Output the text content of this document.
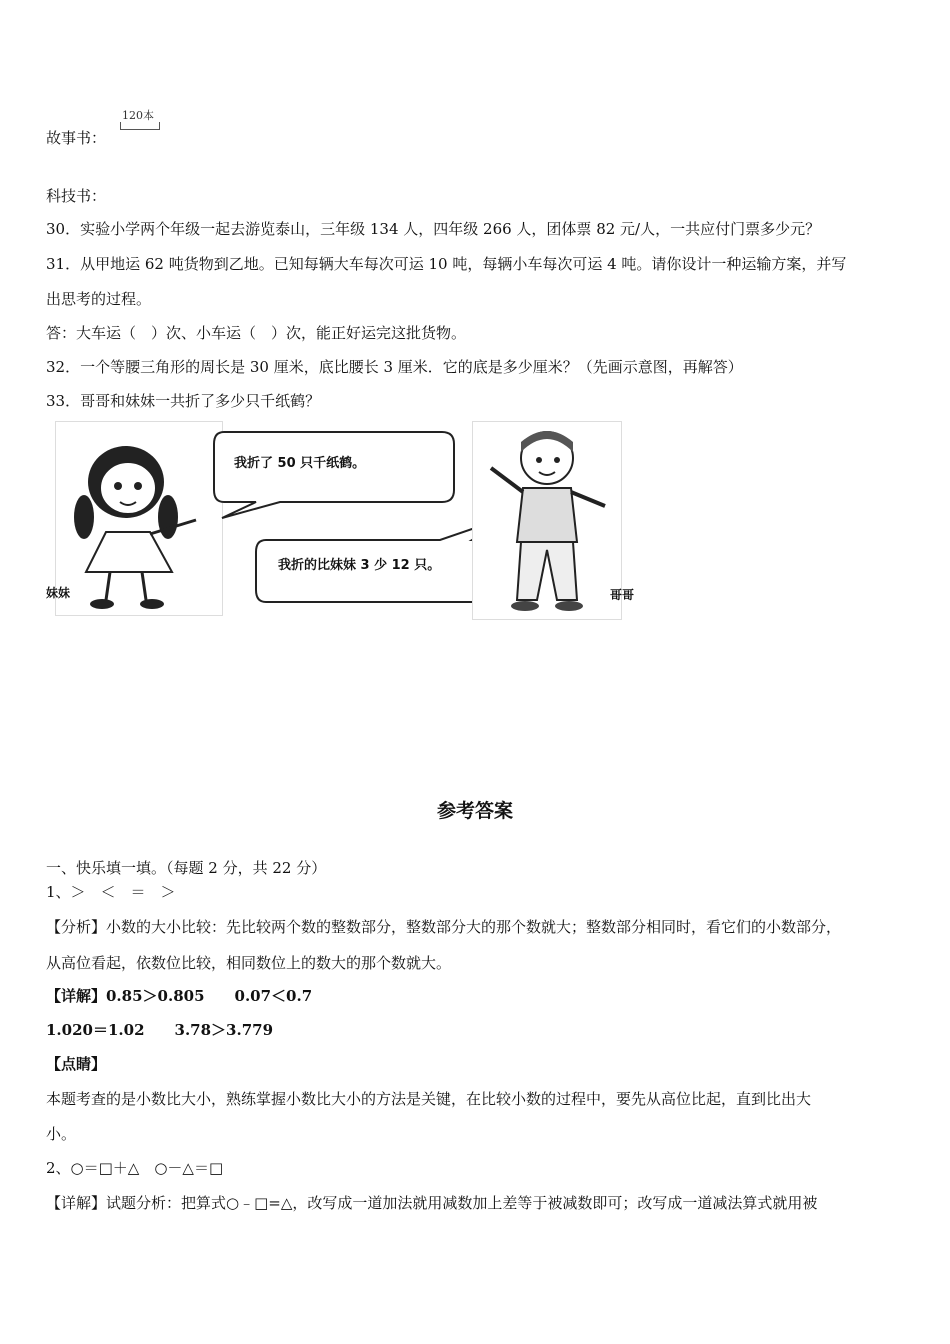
120本
故事书：
科技书：
30．实验小学两个年级一起去游览泰山，三年级 134 人，四年级 266 人，团体票 82 元/人，一共应付门票多少元？
31．从甲地运 62 吨货物到乙地。已知每辆大车每次可运 10 吨，每辆小车每次可运 4 吨。请你设计一种运输方案，并写
出思考的过程。
答：大车运（　）次、小车运（　）次，能正好运完这批货物。
32．一个等腰三角形的周长是 30 厘米，底比腰长 3 厘米．它的底是多少厘米？（先画示意图，再解答）
33．哥哥和妹妹一共折了多少只千纸鹤？
妹妹
我折了 50 只千纸鹤。
我折的比妹妹 3 少 12 只。
哥哥
参考答案
一、快乐填一填。（每题 2 分，共 22 分）
1、＞　＜　＝　＞
【分析】小数的大小比较：先比较两个数的整数部分，整数部分大的那个数就大；整数部分相同时，看它们的小数部分，
从高位看起，依数位比较，相同数位上的数大的那个数就大。
【详解】0.85＞0.805　　0.07＜0.7
1.020＝1.02　　3.78＞3.779
【点睛】
本题考查的是小数比大小，熟练掌握小数比大小的方法是关键，在比较小数的过程中，要先从高位比起，直到比出大
小。
2、○＝□＋△　○－△＝□
【详解】试题分析：把算式○﹣□=△，改写成一道加法就用减数加上差等于被减数即可；改写成一道减法算式就用被
